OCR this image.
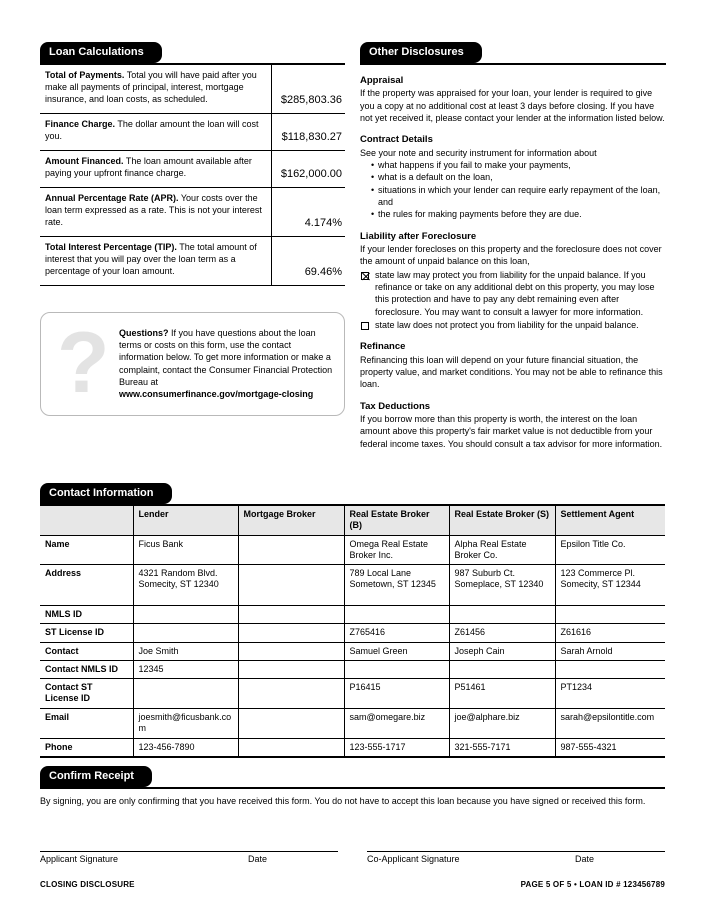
Loan Calculations
Total of Payments. Total you will have paid after you make all payments of principal, interest, mortgage insurance, and loan costs, as scheduled.	$285,803.36
Finance Charge. The dollar amount the loan will cost you.	$118,830.27
Amount Financed. The loan amount available after paying your upfront finance charge.	$162,000.00
Annual Percentage Rate (APR). Your costs over the loan term expressed as a rate. This is not your interest rate.	4.174%
Total Interest Percentage (TIP). The total amount of interest that you will pay over the loan term as a percentage of your loan amount.	69.46%
?	Questions? If you have questions about the loan terms or costs on this form, use the contact information below. To get more information or make a complaint, contact the Consumer Financial Protection Bureau at
www.consumerfinance.gov/mortgage-closing
Other Disclosures
Appraisal
If the property was appraised for your loan, your lender is required to give you a copy at no additional cost at least 3 days before closing. If you have not yet received it, please contact your lender at the information listed below.
Contract Details
See your note and security instrument for information about
• what happens if you fail to make your payments,
• what is a default on the loan,
• situations in which your lender can require early repayment of the loan, and
• the rules for making payments before they are due.
Liability after Foreclosure
If your lender forecloses on this property and the foreclosure does not cover the amount of unpaid balance on this loan,
state law may protect you from liability for the unpaid balance. If you refinance or take on any additional debt on this property, you may lose this protection and have to pay any debt remaining even after foreclosure. You may want to consult a lawyer for more information.
state law does not protect you from liability for the unpaid balance.
Refinance
Refinancing this loan will depend on your future financial situation, the property value, and market conditions. You may not be able to refinance this loan.
Tax Deductions
If you borrow more than this property is worth, the interest on the loan amount above this property's fair market value is not deductible from your federal income taxes. You should consult a tax advisor for more information.
Contact Information
	Lender	Mortgage Broker	Real Estate Broker (B)	Real Estate Broker (S)	Settlement Agent
Name	Ficus Bank		Omega Real Estate Broker Inc.	Alpha Real Estate Broker Co.	Epsilon Title Co.
Address	4321 Random Blvd. Somecity, ST 12340		789 Local Lane Sometown, ST 12345	987 Suburb Ct. Someplace, ST 12340	123 Commerce Pl. Somecity, ST 12344
NMLS ID					
ST License ID			Z765416	Z61456	Z61616
Contact	Joe Smith		Samuel Green	Joseph Cain	Sarah Arnold
Contact NMLS ID	12345				
Contact ST License ID			P16415	P51461	PT1234
Email	joesmith@ficusbank.com		sam@omegare.biz	joe@alphare.biz	sarah@epsilontitle.com
Phone	123-456-7890		123-555-1717	321-555-7171	987-555-4321
Confirm Receipt
By signing, you are only confirming that you have received this form. You do not have to accept this loan because you have signed or received this form.
Applicant Signature	Date	Co-Applicant Signature	Date
CLOSING DISCLOSURE	PAGE 5 OF 5 • LOAN ID # 123456789
